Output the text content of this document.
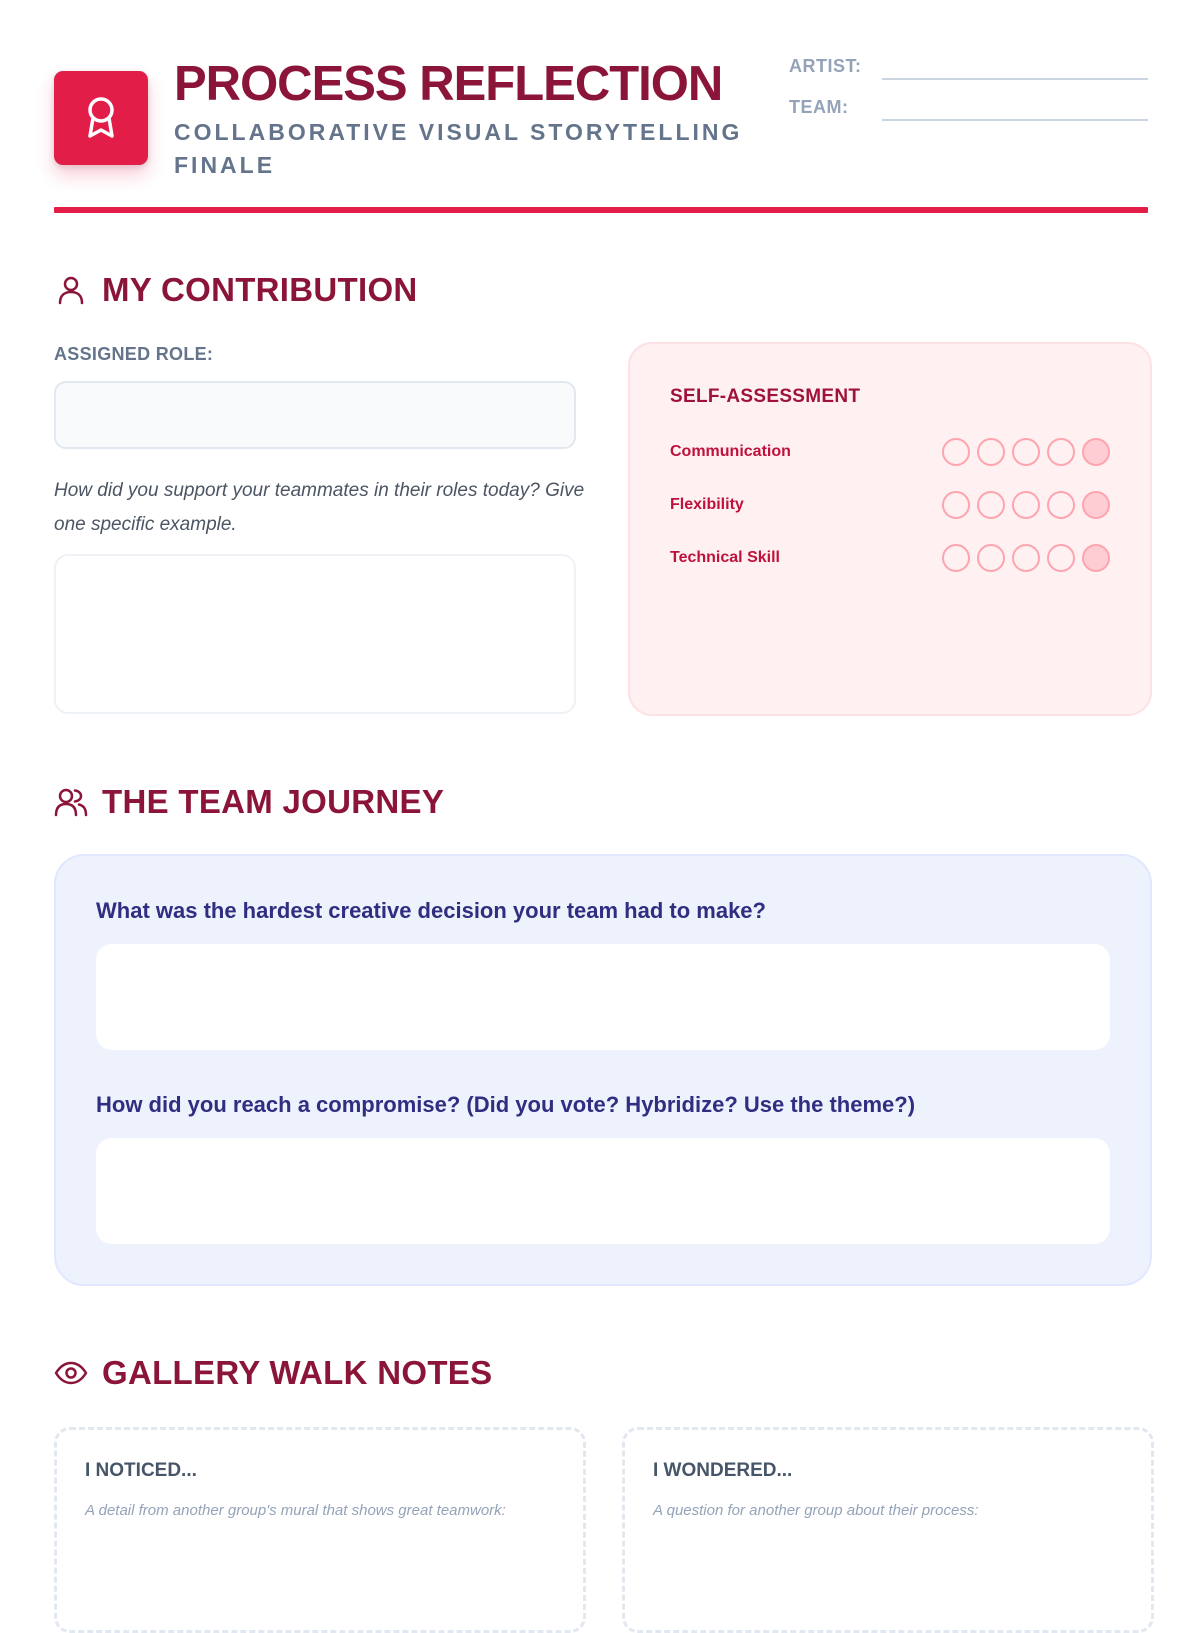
PROCESS REFLECTION
COLLABORATIVE VISUAL STORYTELLING FINALE
ARTIST:
TEAM:
MY CONTRIBUTION
ASSIGNED ROLE:
How did you support your teammates in their roles today? Give one specific example.
SELF-ASSESSMENT
Communication
Flexibility
Technical Skill
THE TEAM JOURNEY
What was the hardest creative decision your team had to make?
How did you reach a compromise? (Did you vote? Hybridize? Use the theme?)
GALLERY WALK NOTES
I NOTICED...
A detail from another group's mural that shows great teamwork:
I WONDERED...
A question for another group about their process:
